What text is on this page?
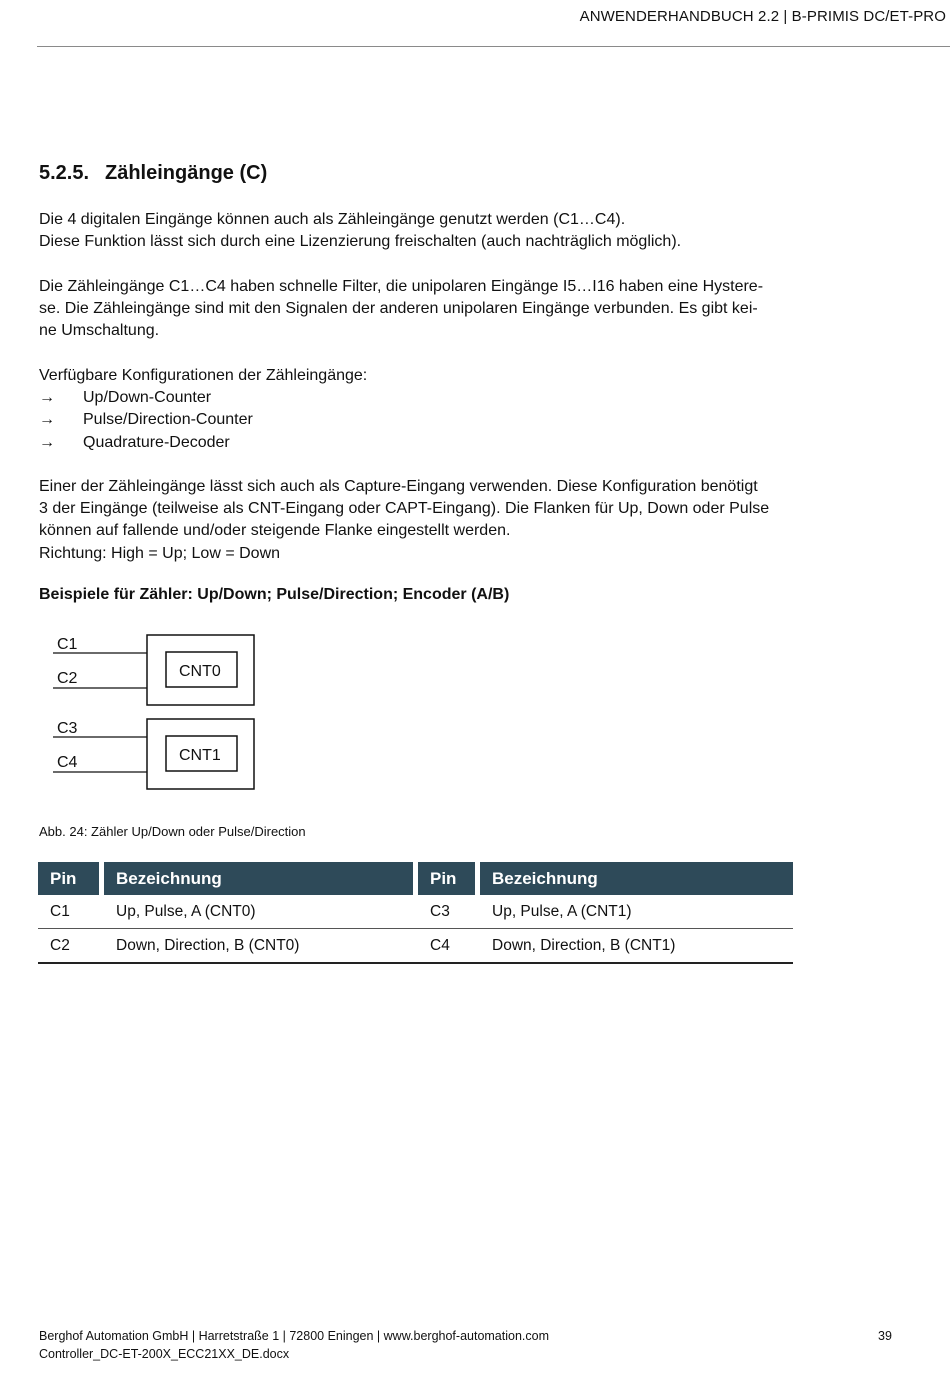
ANWENDERHANDBUCH 2.2 | B-PRIMIS DC/ET-PRO
5.2.5. Zähleingänge (C)
Die 4 digitalen Eingänge können auch als Zähleingänge genutzt werden (C1…C4).
Diese Funktion lässt sich durch eine Lizenzierung freischalten (auch nachträglich möglich).
Die Zähleingänge C1…C4 haben schnelle Filter, die unipolaren Eingänge I5…I16 haben eine Hystere-
se. Die Zähleingänge sind mit den Signalen der anderen unipolaren Eingänge verbunden. Es gibt kei-
ne Umschaltung.
Verfügbare Konfigurationen der Zähleingänge:
→ Up/Down-Counter
→ Pulse/Direction-Counter
→ Quadrature-Decoder
Einer der Zähleingänge lässt sich auch als Capture-Eingang verwenden. Diese Konfiguration benötigt
3 der Eingänge (teilweise als CNT-Eingang oder CAPT-Eingang). Die Flanken für Up, Down oder Pulse
können auf fallende und/oder steigende Flanke eingestellt werden.
Richtung: High = Up; Low = Down
Beispiele für Zähler: Up/Down; Pulse/Direction; Encoder (A/B)
C1
C2	CNT0
C3
C4	CNT1
Abb. 24: Zähler Up/Down oder Pulse/Direction
Pin		Bezeichnung		Pin		Bezeichnung
C1		Up, Pulse, A (CNT0)		C3		Up, Pulse, A (CNT1)
C2		Down, Direction, B (CNT0)		C4		Down, Direction, B (CNT1)
Berghof Automation GmbH | Harretstraße 1 | 72800 Eningen | www.berghof-automation.com
Controller_DC-ET-200X_ECC21XX_DE.docx
39
